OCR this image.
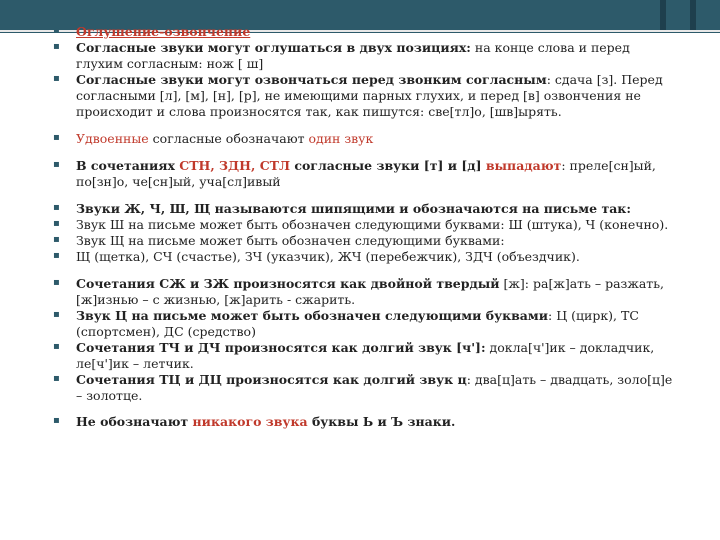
▪ Оглушение-озвончение

▪ Согласные звуки могут оглушаться в двух позициях: на конце слова и перед глухим согласным: нож [ ш]

▪ Согласные звуки могут озвончаться перед звонким согласным: сдача [з]. Перед согласными [л], [м], [н], [р], не имеющими парных глухих, и перед [в] озвончения не происходит и слова произносятся так, как пишутся: све[тл]о, [шв]ырять.

▪ Удвоенные согласные обозначают один звук

▪ В сочетаниях СТН, ЗДН, СТЛ согласные звуки [т] и [д] выпадают: преле[сн]ый, по[зн]о, че[сн]ый, уча[сл]ивый

▪ Звуки Ж, Ч, Ш, Щ называются шипящими и обозначаются на письме так:

▪ Звук Ш на письме может быть обозначен следующими буквами: Ш (штука), Ч (конечно).

▪ Звук Щ на письме может быть обозначен следующими буквами:

▪ Щ (щетка), СЧ (счастье), ЗЧ (указчик), ЖЧ (перебежчик), ЗДЧ (объездчик).

▪ Сочетания СЖ и ЗЖ произносятся как двойной твердый [ж]: ра[ж]ать – разжать, [ж]изнью – с жизнью, [ж]арить - сжарить.

▪ Звук Ц на письме может быть обозначен следующими буквами: Ц (цирк), ТС (спортсмен), ДС (средство)

▪ Сочетания ТЧ и ДЧ произносятся как долгий звук [ч']: докла[ч']ик – докладчик, ле[ч']ик – летчик.

▪ Сочетания ТЦ и ДЦ произносятся как долгий звук ц: два[ц]ать – двадцать, золо[ц]е – золотце.

▪ Не обозначают никакого звука буквы Ь и Ъ знаки.
